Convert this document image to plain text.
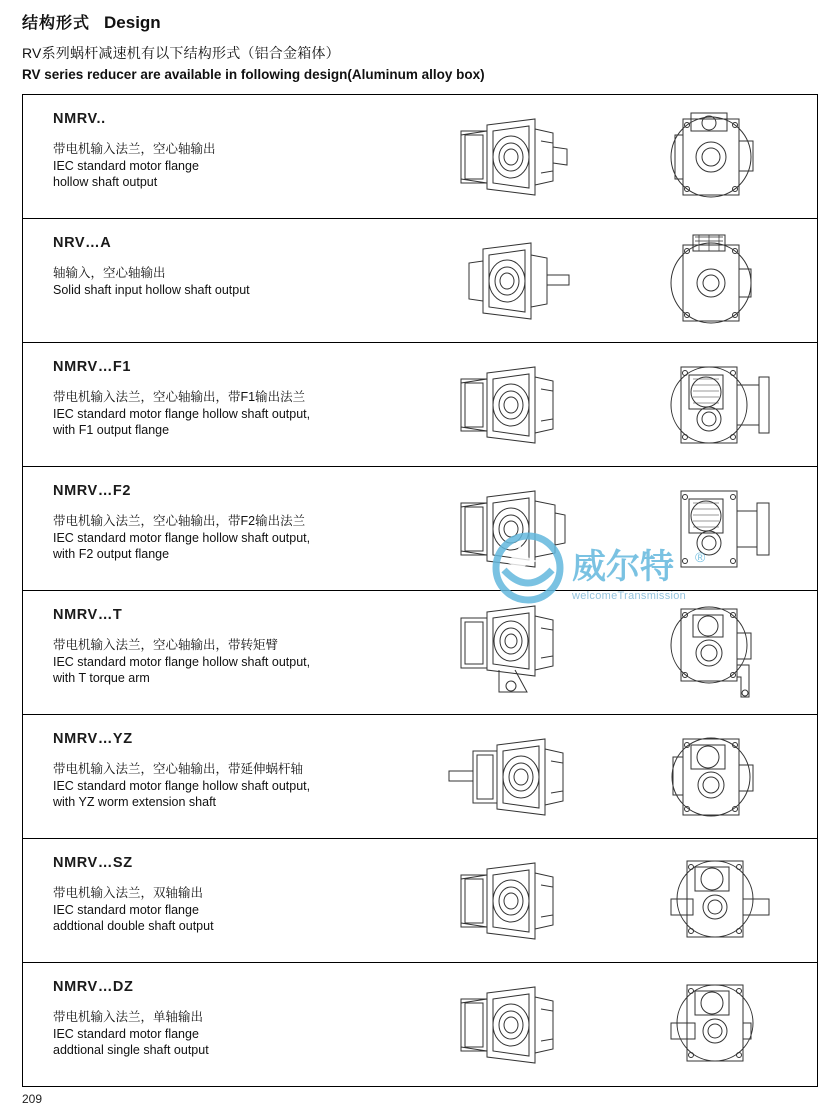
结构形式 Design
RV系列蜗杆减速机有以下结构形式（铝合金箱体）
RV series reducer are available in following design(Aluminum alloy box)
NMRV..
带电机输入法兰，空心轴输出
IEC standard motor flange
hollow shaft output
NRV…A
轴输入，空心轴输出
Solid shaft input hollow shaft output
NMRV…F1
带电机输入法兰，空心轴输出，带F1输出法兰
IEC standard motor flange hollow shaft output,
with F1 output flange
NMRV…F2
带电机输入法兰，空心轴输出，带F2输出法兰
IEC standard motor flange hollow shaft output,
with F2 output flange
NMRV…T
带电机输入法兰，空心轴输出，带转矩臂
IEC standard motor flange hollow shaft output,
with T torque arm
NMRV…YZ
带电机输入法兰，空心轴输出，带延伸蜗杆轴
IEC standard motor flange hollow shaft output,
with YZ worm extension shaft
NMRV…SZ
带电机输入法兰，双轴输出
IEC standard motor flange
addtional double shaft output
NMRV…DZ
带电机输入法兰，单轴输出
IEC standard motor flange
addtional single shaft output
威尔特 ®
welcomeTransmission
209
